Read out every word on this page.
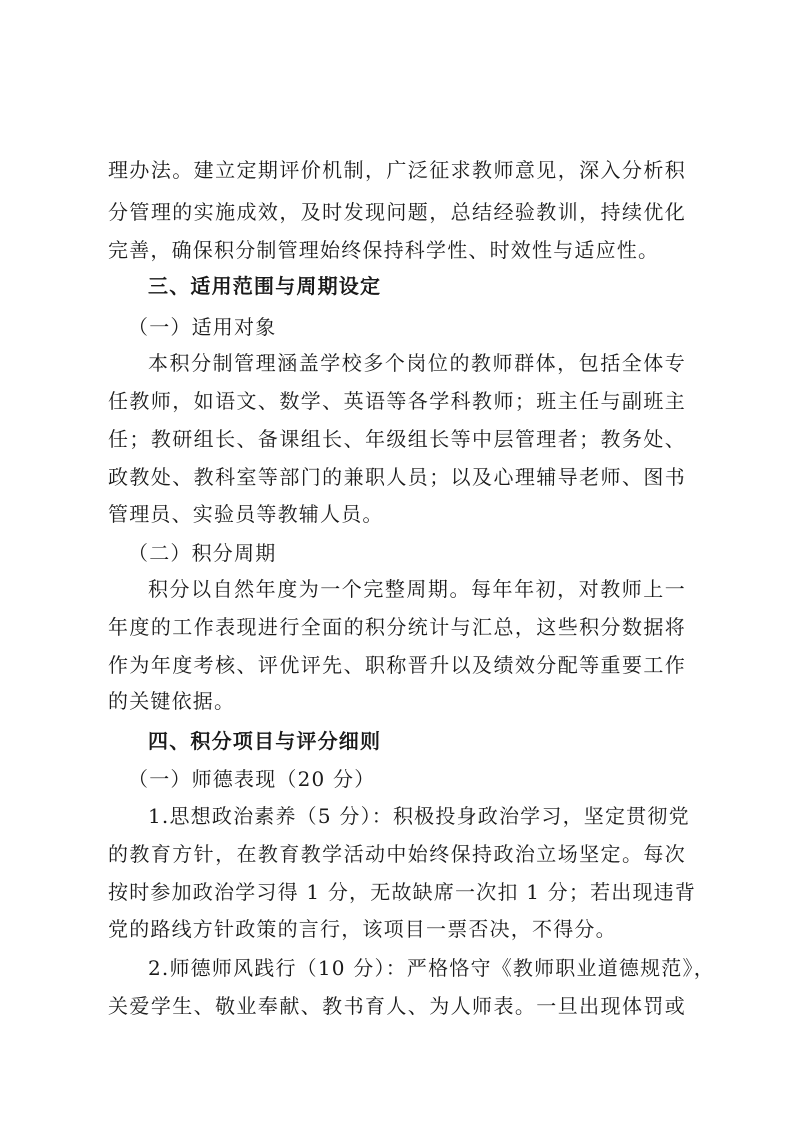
理办法。建立定期评价机制，广泛征求教师意见，深入分析积
分管理的实施成效，及时发现问题，总结经验教训，持续优化
完善，确保积分制管理始终保持科学性、时效性与适应性。
三、适用范围与周期设定
（一）适用对象
本积分制管理涵盖学校多个岗位的教师群体，包括全体专
任教师，如语文、数学、英语等各学科教师；班主任与副班主
任；教研组长、备课组长、年级组长等中层管理者；教务处、
政教处、教科室等部门的兼职人员；以及心理辅导老师、图书
管理员、实验员等教辅人员。
（二）积分周期
积分以自然年度为一个完整周期。每年年初，对教师上一
年度的工作表现进行全面的积分统计与汇总，这些积分数据将
作为年度考核、评优评先、职称晋升以及绩效分配等重要工作
的关键依据。
四、积分项目与评分细则
（一）师德表现（20 分）
1.思想政治素养（5 分）：积极投身政治学习，坚定贯彻党
的教育方针，在教育教学活动中始终保持政治立场坚定。每次
按时参加政治学习得 1 分，无故缺席一次扣 1 分；若出现违背
党的路线方针政策的言行，该项目一票否决，不得分。
2.师德师风践行（10 分）：严格恪守《教师职业道德规范》，
关爱学生、敬业奉献、教书育人、为人师表。一旦出现体罚或
